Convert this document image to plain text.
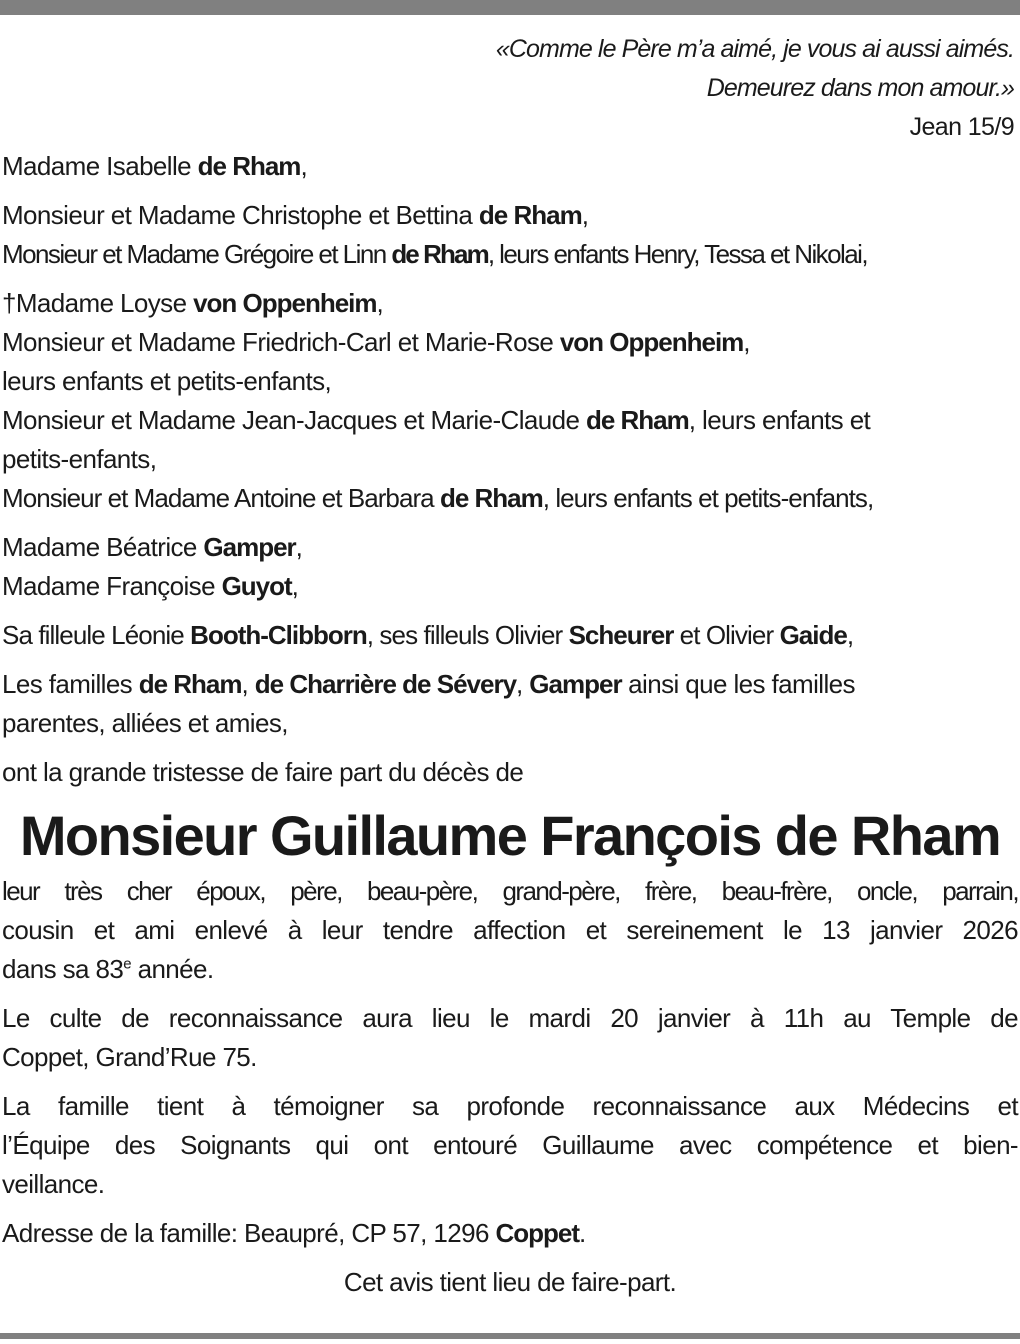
«Comme le Père m’a aimé, je vous ai aussi aimés.
Demeurez dans mon amour.»
Jean 15/9
Madame Isabelle de Rham,
Monsieur et Madame Christophe et Bettina de Rham,
Monsieur et Madame Grégoire et Linn de Rham, leurs enfants Henry, Tessa et Nikolai,
†Madame Loyse von Oppenheim,
Monsieur et Madame Friedrich-Carl et Marie-Rose von Oppenheim,
leurs enfants et petits-enfants,
Monsieur et Madame Jean-Jacques et Marie-Claude de Rham, leurs enfants et
petits-enfants,
Monsieur et Madame Antoine et Barbara de Rham, leurs enfants et petits-enfants,
Madame Béatrice Gamper,
Madame Françoise Guyot,
Sa filleule Léonie Booth-Clibborn, ses filleuls Olivier Scheurer et Olivier Gaide,
Les familles de Rham, de Charrière de Sévery, Gamper ainsi que les familles
parentes, alliées et amies,
ont la grande tristesse de faire part du décès de
Monsieur Guillaume François de Rham
leur très cher époux, père, beau-père, grand-père, frère, beau-frère, oncle, parrain,
cousin et ami enlevé à leur tendre affection et sereinement le 13 janvier 2026
dans sa 83e année.
Le culte de reconnaissance aura lieu le mardi 20 janvier à 11h au Temple de
Coppet, Grand’Rue 75.
La famille tient à témoigner sa profonde reconnaissance aux Médecins et
l’Équipe des Soignants qui ont entouré Guillaume avec compétence et bien-
veillance.
Adresse de la famille: Beaupré, CP 57, 1296 Coppet.
Cet avis tient lieu de faire-part.
